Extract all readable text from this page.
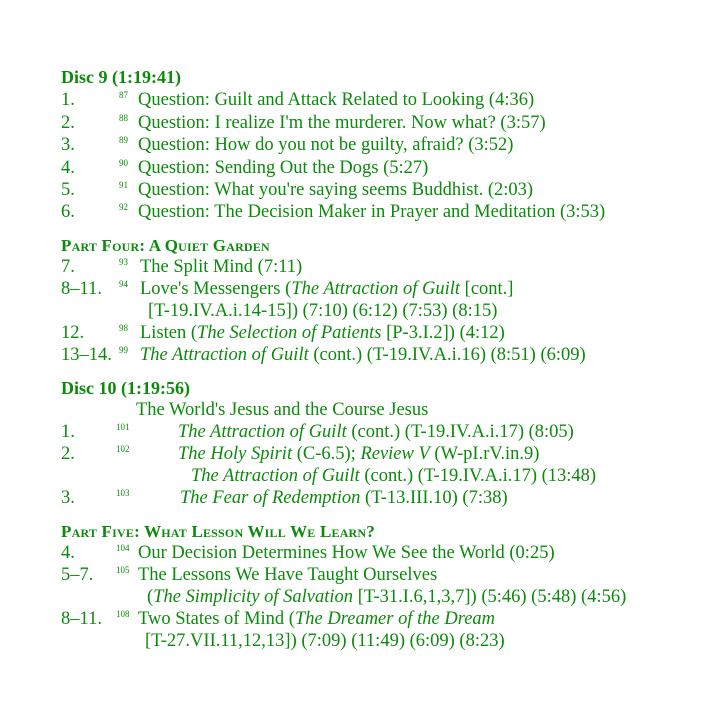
Disc 9 (1:19:41)
1.	87 Question: Guilt and Attack Related to Looking (4:36)
2.	88 Question: I realize I'm the murderer. Now what? (3:57)
3.	89 Question: How do you not be guilty, afraid? (3:52)
4.	90 Question: Sending Out the Dogs (5:27)
5.	91 Question: What you're saying seems Buddhist. (2:03)
6.	92 Question: The Decision Maker in Prayer and Meditation (3:53)
Part Four: A Quiet Garden
7.	93 The Split Mind (7:11)
8–11. 94 Love's Messengers (The Attraction of Guilt [cont.]
[T-19.IV.A.i.14-15]) (7:10) (6:12) (7:53) (8:15)
12.	98 Listen (The Selection of Patients [P-3.I.2]) (4:12)
13–14. 99 The Attraction of Guilt (cont.) (T-19.IV.A.i.16) (8:51) (6:09)
Disc 10 (1:19:56)
The World's Jesus and the Course Jesus
1.	101	The Attraction of Guilt (cont.) (T-19.IV.A.i.17) (8:05)
2.	102	The Holy Spirit (C-6.5); Review V (W-pI.rV.in.9)
The Attraction of Guilt (cont.) (T-19.IV.A.i.17) (13:48)
3.	103	The Fear of Redemption (T-13.III.10) (7:38)
Part Five: What Lesson Will We Learn?
4.	104 Our Decision Determines How We See the World (0:25)
5–7.	105 The Lessons We Have Taught Ourselves
(The Simplicity of Salvation [T-31.I.6,1,3,7]) (5:46) (5:48) (4:56)
8–11. 108 Two States of Mind (The Dreamer of the Dream
[T-27.VII.11,12,13]) (7:09) (11:49) (6:09) (8:23)
